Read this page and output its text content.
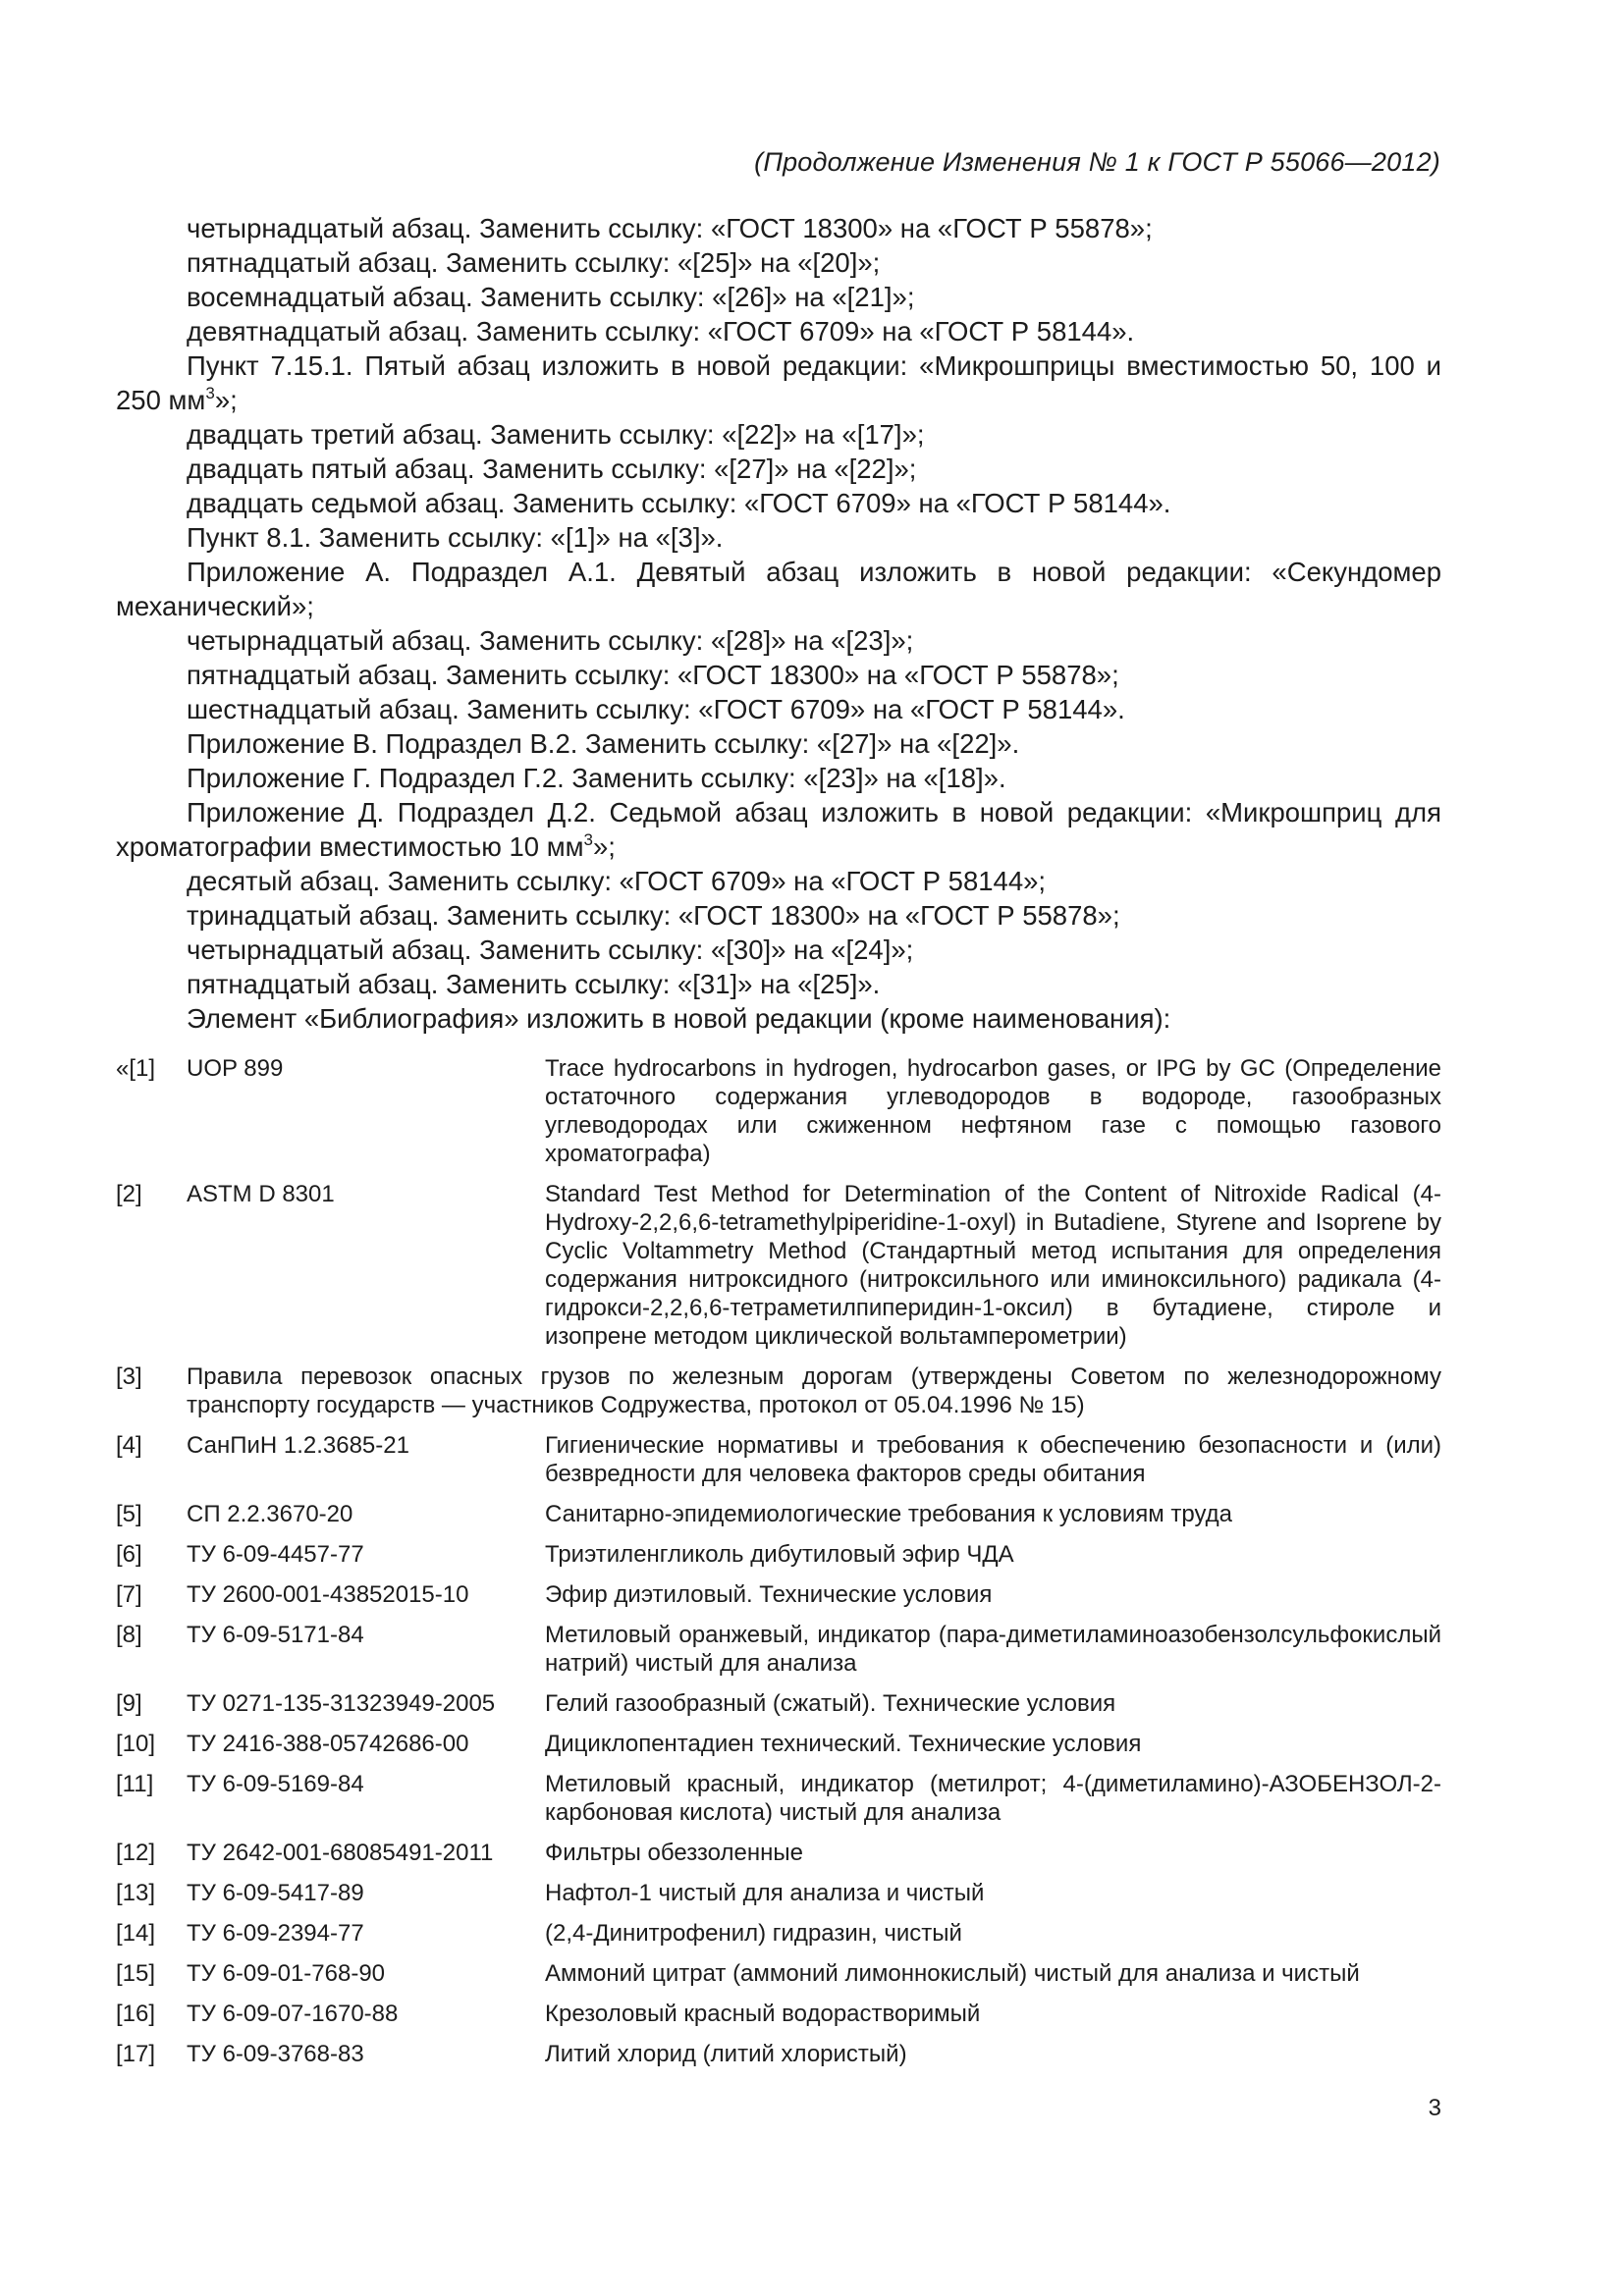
(Продолжение Изменения № 1 к ГОСТ Р 55066—2012)

четырнадцатый абзац. Заменить ссылку: «ГОСТ 18300» на «ГОСТ Р 55878»;

пятнадцатый абзац. Заменить ссылку: «[25]» на «[20]»;

восемнадцатый абзац. Заменить ссылку: «[26]» на «[21]»;

девятнадцатый абзац. Заменить ссылку: «ГОСТ 6709» на «ГОСТ Р 58144».

Пункт 7.15.1. Пятый абзац изложить в новой редакции: «Микрошприцы вместимостью 50, 100 и 250 $мм^3$»;

двадцать третий абзац. Заменить ссылку: «[22]» на «[17]»;

двадцать пятый абзац. Заменить ссылку: «[27]» на «[22]»;

двадцать седьмой абзац. Заменить ссылку: «ГОСТ 6709» на «ГОСТ Р 58144».

Пункт 8.1. Заменить ссылку: «[1]» на «[3]».

Приложение А. Подраздел А.1. Девятый абзац изложить в новой редакции: «Секундомер механический»;

четырнадцатый абзац. Заменить ссылку: «[28]» на «[23]»;

пятнадцатый абзац. Заменить ссылку: «ГОСТ 18300» на «ГОСТ Р 55878»;

шестнадцатый абзац. Заменить ссылку: «ГОСТ 6709» на «ГОСТ Р 58144».

Приложение В. Подраздел В.2. Заменить ссылку: «[27]» на «[22]».

Приложение Г. Подраздел Г.2. Заменить ссылку: «[23]» на «[18]».

Приложение Д. Подраздел Д.2. Седьмой абзац изложить в новой редакции: «Микрошприц для хроматографии вместимостью 10 $мм^3$»;

десятый абзац. Заменить ссылку: «ГОСТ 6709» на «ГОСТ Р 58144»;

тринадцатый абзац. Заменить ссылку: «ГОСТ 18300» на «ГОСТ Р 55878»;

четырнадцатый абзац. Заменить ссылку: «[30]» на «[24]»;

пятнадцатый абзац. Заменить ссылку: «[31]» на «[25]».

Элемент «Библиография» изложить в новой редакции (кроме наименования):

«[1]	UOP 899	Trace hydrocarbons in hydrogen, hydrocarbon gases, or IPG by GC (Определение остаточного содержания углеводородов в водороде, газообразных углеводородах или сжиженном нефтяном газе с помощью газового хроматографа)
[2]	ASTM D 8301	Standard Test Method for Determination of the Content of Nitroxide Radical (4-Hydroxy-2,2,6,6-tetramethylpiperidine-1-oxyl) in Butadiene, Styrene and Isoprene by Cyclic Voltammetry Method (Стандартный метод испытания для определения содержания нитроксидного (нитроксильного или иминоксильного) радикала (4-гидрокси-2,2,6,6-тетраметилпиперидин-1-оксил) в бутадиене, стироле и изопрене методом циклической вольтамперометрии)
[3]	Правила перевозок опасных грузов по железным дорогам (утверждены Советом по железнодорожному транспорту государств — участников Содружества, протокол от 05.04.1996 № 15)
[4]	СанПиН 1.2.3685-21	Гигиенические нормативы и требования к обеспечению безопасности и (или) безвредности для человека факторов среды обитания
[5]	СП 2.2.3670-20	Санитарно-эпидемиологические требования к условиям труда
[6]	ТУ 6-09-4457-77	Триэтиленгликоль дибутиловый эфир ЧДА
[7]	ТУ 2600-001-43852015-10	Эфир диэтиловый. Технические условия
[8]	ТУ 6-09-5171-84	Метиловый оранжевый, индикатор (пара-диметиламиноазобензолсульфокислый натрий) чистый для анализа
[9]	ТУ 0271-135-31323949-2005	Гелий газообразный (сжатый). Технические условия
[10]	ТУ 2416-388-05742686-00	Дициклопентадиен технический. Технические условия
[11]	ТУ 6-09-5169-84	Метиловый красный, индикатор (метилрот; 4-(диметиламино)-АЗОБЕНЗОЛ-2-карбоновая кислота) чистый для анализа
[12]	ТУ 2642-001-68085491-2011	Фильтры обеззоленные
[13]	ТУ 6-09-5417-89	Нафтол-1 чистый для анализа и чистый
[14]	ТУ 6-09-2394-77	(2,4-Динитрофенил) гидразин, чистый
[15]	ТУ 6-09-01-768-90	Аммоний цитрат (аммоний лимоннокислый) чистый для анализа и чистый
[16]	ТУ 6-09-07-1670-88	Крезоловый красный водорастворимый
[17]	ТУ 6-09-3768-83	Литий хлорид (литий хлористый)
3
